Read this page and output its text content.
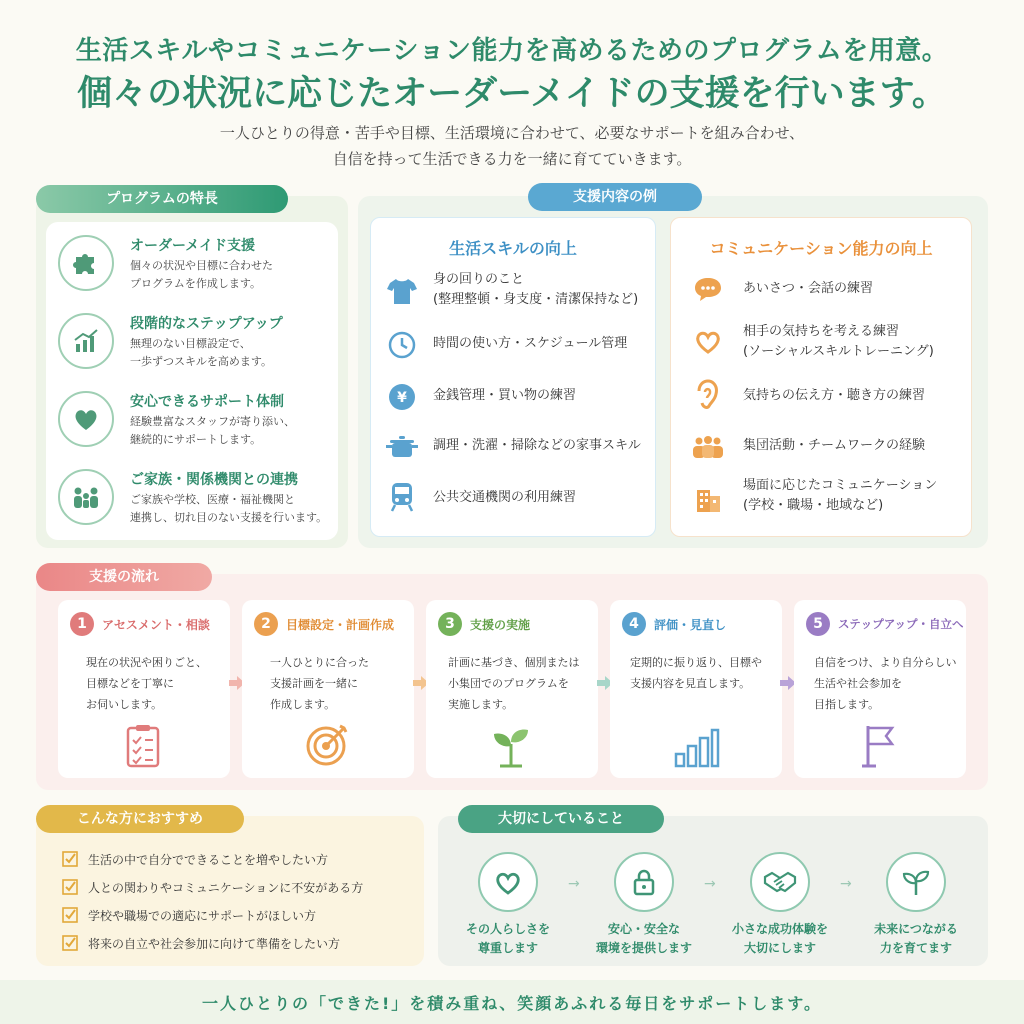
生活スキルやコミュニケーション能力を高めるためのプログラムを用意。
個々の状況に応じたオーダーメイドの支援を行います。
一人ひとりの得意・苦手や目標、生活環境に合わせて、必要なサポートを組み合わせ、
自信を持って生活できる力を一緒に育てていきます。
プログラムの特長
オーダーメイド支援
個々の状況や目標に合わせた
プログラムを作成します。
段階的なステップアップ
無理のない目標設定で、
一歩ずつスキルを高めます。
安心できるサポート体制
経験豊富なスタッフが寄り添い、
継続的にサポートします。
ご家族・関係機関との連携
ご家族や学校、医療・福祉機関と
連携し、切れ目のない支援を行います。
支援内容の例
生活スキルの向上
身の回りのこと
(整理整頓・身支度・清潔保持など)
時間の使い方・スケジュール管理
¥ 金銭管理・買い物の練習
調理・洗濯・掃除などの家事スキル
公共交通機関の利用練習
コミュニケーション能力の向上
あいさつ・会話の練習
相手の気持ちを考える練習
(ソーシャルスキルトレーニング)
気持ちの伝え方・聴き方の練習
集団活動・チームワークの経験
場面に応じたコミュニケーション
(学校・職場・地域など)
支援の流れ
1	アセスメント・相談
現在の状況や困りごと、
目標などを丁寧に
お伺いします。
2	目標設定・計画作成
一人ひとりに合った
支援計画を一緒に
作成します。
3	支援の実施
計画に基づき、個別または
小集団でのプログラムを
実施します。
4	評価・見直し
定期的に振り返り、目標や
支援内容を見直します。

5	ステップアップ・自立へ
自信をつけ、より自分らしい
生活や社会参加を
目指します。
こんな方におすすめ
生活の中で自分でできることを増やしたい方
人との関わりやコミュニケーションに不安がある方
学校や職場での適応にサポートがほしい方
将来の自立や社会参加に向けて準備をしたい方
大切にしていること
その人らしさを
尊重します
→
安心・安全な
環境を提供します
→
小さな成功体験を
大切にします
→
未来につながる
力を育てます
一人ひとりの「できた!」を積み重ね、笑顔あふれる毎日をサポートします。
